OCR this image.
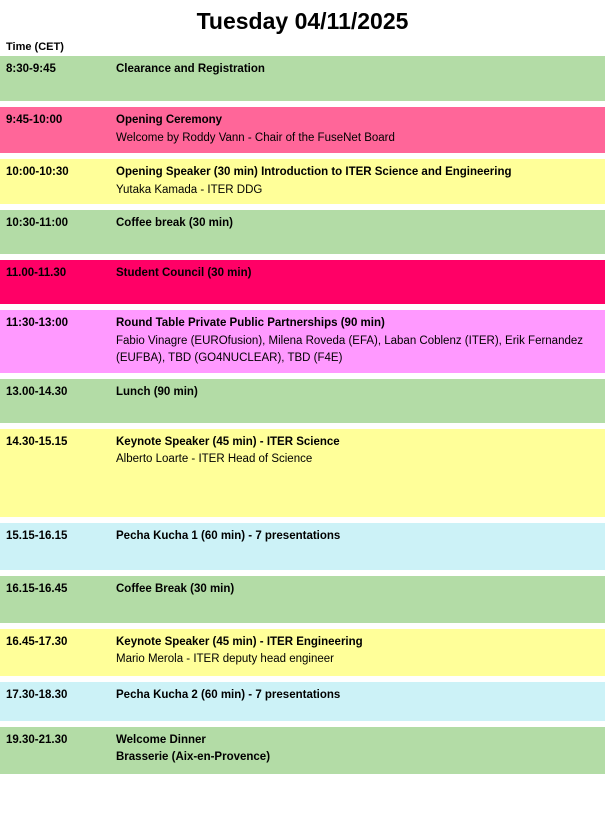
Tuesday 04/11/2025
Time (CET)
8:30-9:45	Clearance and Registration

9:45-10:00	Opening Ceremony
Welcome by Roddy Vann - Chair of the FuseNet Board

10:00-10:30	Opening Speaker (30 min) Introduction to ITER Science and Engineering
Yutaka Kamada - ITER DDG

10:30-11:00	Coffee break (30 min)

11.00-11.30	Student Council (30 min)

11:30-13:00	Round Table Private Public Partnerships (90 min)
Fabio Vinagre (EUROfusion), Milena Roveda (EFA), Laban Coblenz (ITER), Erik Fernandez (EUFBA), TBD (GO4NUCLEAR), TBD (F4E)

13.00-14.30	Lunch (90 min)

14.30-15.15	Keynote Speaker (45 min) - ITER Science
Alberto Loarte - ITER Head of Science

15.15-16.15	Pecha Kucha 1 (60 min) - 7 presentations

16.15-16.45	Coffee Break (30 min)

16.45-17.30	Keynote Speaker (45 min) - ITER Engineering
Mario Merola - ITER deputy head engineer

17.30-18.30	Pecha Kucha 2 (60 min) - 7 presentations

19.30-21.30	Welcome Dinner
Brasserie (Aix-en-Provence)
